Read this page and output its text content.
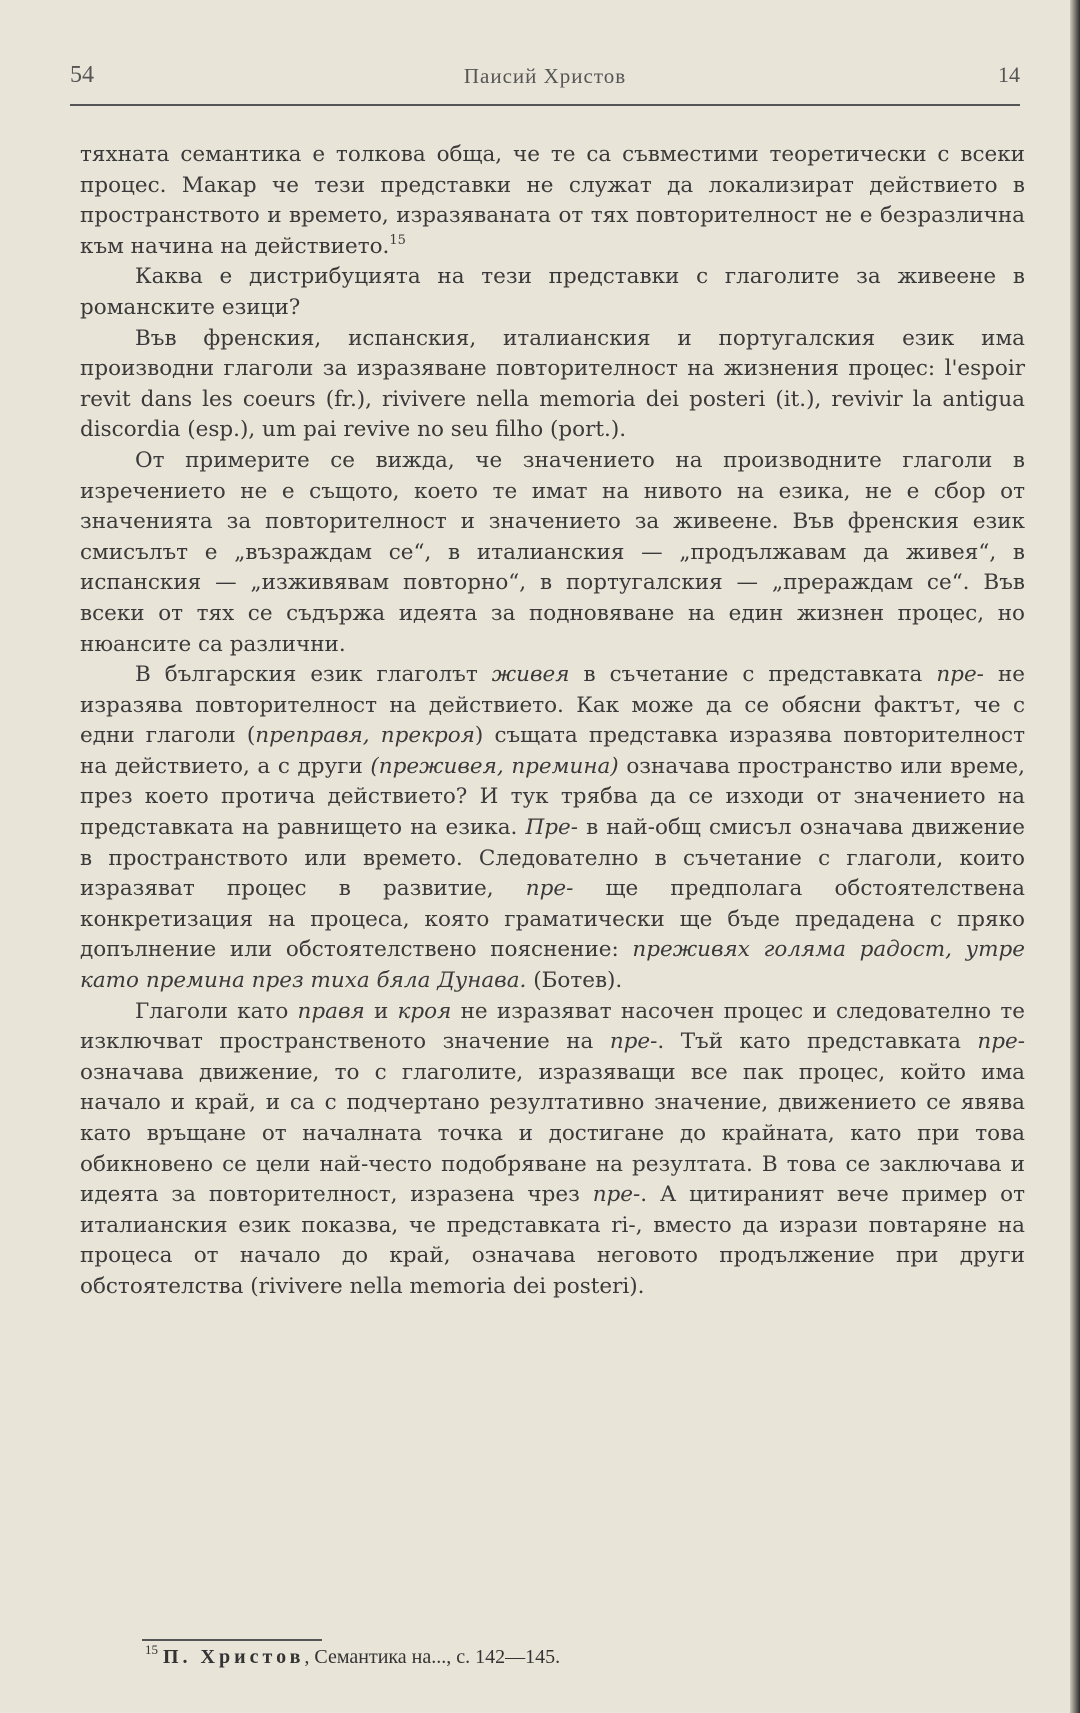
54	Паисий Христов	14

тяхната семантика е толкова обща, че те са съвместими теоретически с всеки процес. Макар че тези представки не служат да локализират действието в пространството и времето, изразяваната от тях повторителност не е безразлична към начина на действието.$^{15}$

Каква е дистрибуцията на тези представки с глаголите за живеене в романските езици?

Във френския, испанския, италианския и португалския език има производни глаголи за изразяване повторителност на жизнения процес: l'espoir revit dans les coeurs (fr.), rivivere nella memoria dei posteri (it.), revivir la antigua discordia (esp.), um pai revive no seu filho (port.).

От примерите се вижда, че значението на производните глаголи в изречението не е същото, което те имат на нивото на езика, не е сбор от значенията за повторителност и значението за живеене. Във френския език смисълът е „възраждам се“, в италианския — „продължавам да живея“, в испанския — „изживявам повторно“, в португалския — „прераждам се“. Във всеки от тях се съдържа идеята за подновяване на един жизнен процес, но нюансите са различни.

В българския език глаголът живея в съчетание с представката пре- не изразява повторителност на действието. Как може да се обясни фактът, че с едни глаголи (преправя, прекроя) същата представка изразява повторителност на действието, а с други (преживея, премина) означава пространство или време, през което протича действието? И тук трябва да се изходи от значението на представката на равнището на езика. Пре- в най-общ смисъл означава движение в пространството или времето. Следователно в съчетание с глаголи, които изразяват процес в развитие, пре- ще предполага обстоятелствена конкретизация на процеса, която граматически ще бъде предадена с пряко допълнение или обстоятелствено пояснение: преживях голяма радост, утре като премина през тиха бяла Дунава. (Ботев).

Глаголи като правя и кроя не изразяват насочен процес и следователно те изключват пространственото значение на пре-. Тъй като представката пре- означава движение, то с глаголите, изразяващи все пак процес, който има начало и край, и са с подчертано резултативно значение, движението се явява като връщане от началната точка и достигане до крайната, като при това обикновено се цели най-често подобряване на резултата. В това се заключава и идеята за повторителност, изразена чрез пре-. А цитираният вече пример от италианския език показва, че представката ri-, вместо да изрази повтаряне на процеса от начало до край, означава неговото продължение при други обстоятелства (rivivere nella memoria dei posteri).

$^{15}$ П. Христов, Семантика на..., с. 142—145.
